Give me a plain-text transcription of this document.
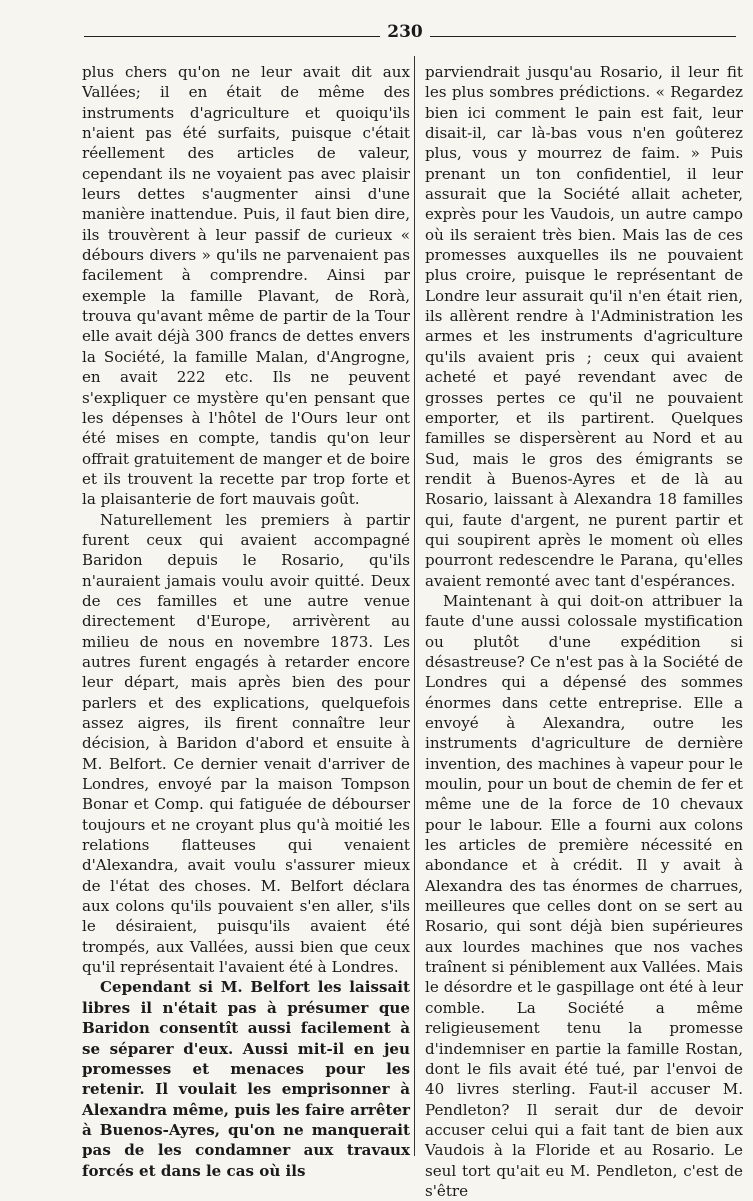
230

plus chers qu'on ne leur avait dit aux Vallées; il en était de même des instruments d'agriculture et quoiqu'ils n'aient pas été surfaits, puisque c'était réellement des articles de valeur, cependant ils ne voyaient pas avec plaisir leurs dettes s'augmenter ainsi d'une manière inattendue. Puis, il faut bien dire, ils trouvèrent à leur passif de curieux « débours divers » qu'ils ne parvenaient pas facilement à comprendre. Ainsi par exemple la famille Plavant, de Rorà, trouva qu'avant même de partir de la Tour elle avait déjà 300 francs de dettes envers la Société, la famille Malan, d'Angrogne, en avait 222 etc. Ils ne peuvent s'expliquer ce mystère qu'en pensant que les dépenses à l'hôtel de l'Ours leur ont été mises en compte, tandis qu'on leur offrait gratuitement de manger et de boire et ils trouvent la recette par trop forte et la plaisanterie de fort mauvais goût.

Naturellement les premiers à partir furent ceux qui avaient accompagné Baridon depuis le Rosario, qu'ils n'auraient jamais voulu avoir quitté. Deux de ces familles et une autre venue directement d'Europe, arrivèrent au milieu de nous en novembre 1873. Les autres furent engagés à retarder encore leur départ, mais après bien des pour parlers et des explications, quelquefois assez aigres, ils firent connaître leur décision, à Baridon d'abord et ensuite à M. Belfort. Ce dernier venait d'arriver de Londres, envoyé par la maison Tompson Bonar et Comp. qui fatiguée de débourser toujours et ne croyant plus qu'à moitié les relations flatteuses qui venaient d'Alexandra, avait voulu s'assurer mieux de l'état des choses. M. Belfort déclara aux colons qu'ils pouvaient s'en aller, s'ils le désiraient, puisqu'ils avaient été trompés, aux Vallées, aussi bien que ceux qu'il représentait l'avaient été à Londres.

Cependant si M. Belfort les laissait libres il n'était pas à présumer que Baridon consentît aussi facilement à se séparer d'eux. Aussi mit-il en jeu promesses et menaces pour les retenir. Il voulait les emprisonner à Alexandra même, puis les faire arrêter à Buenos-Ayres, qu'on ne manquerait pas de les condamner aux travaux forcés et dans le cas où ils

parviendrait jusqu'au Rosario, il leur fit les plus sombres prédictions. « Regardez bien ici comment le pain est fait, leur disait-il, car là-bas vous n'en goûterez plus, vous y mourrez de faim. » Puis prenant un ton confidentiel, il leur assurait que la Société allait acheter, exprès pour les Vaudois, un autre campo où ils seraient très bien. Mais las de ces promesses auxquelles ils ne pouvaient plus croire, puisque le représentant de Londre leur assurait qu'il n'en était rien, ils allèrent rendre à l'Administration les armes et les instruments d'agriculture qu'ils avaient pris ; ceux qui avaient acheté et payé revendant avec de grosses pertes ce qu'il ne pouvaient emporter, et ils partirent. Quelques familles se dispersèrent au Nord et au Sud, mais le gros des émigrants se rendit à Buenos-Ayres et de là au Rosario, laissant à Alexandra 18 familles qui, faute d'argent, ne purent partir et qui soupirent après le moment où elles pourront redescendre le Parana, qu'elles avaient remonté avec tant d'espérances.

Maintenant à qui doit-on attribuer la faute d'une aussi colossale mystification ou plutôt d'une expédition si désastreuse? Ce n'est pas à la Société de Londres qui a dépensé des sommes énormes dans cette entreprise. Elle a envoyé à Alexandra, outre les instruments d'agriculture de dernière invention, des machines à vapeur pour le moulin, pour un bout de chemin de fer et même une de la force de 10 chevaux pour le labour. Elle a fourni aux colons les articles de première nécessité en abondance et à crédit. Il y avait à Alexandra des tas énormes de charrues, meilleures que celles dont on se sert au Rosario, qui sont déjà bien supérieures aux lourdes machines que nos vaches traînent si péniblement aux Vallées. Mais le désordre et le gaspillage ont été à leur comble. La Société a même religieusement tenu la promesse d'indemniser en partie la famille Rostan, dont le fils avait été tué, par l'envoi de 40 livres sterling. Faut-il accuser M. Pendleton? Il serait dur de devoir accuser celui qui a fait tant de bien aux Vaudois à la Floride et au Rosario. Le seul tort qu'ait eu M. Pendleton, c'est de s'être
